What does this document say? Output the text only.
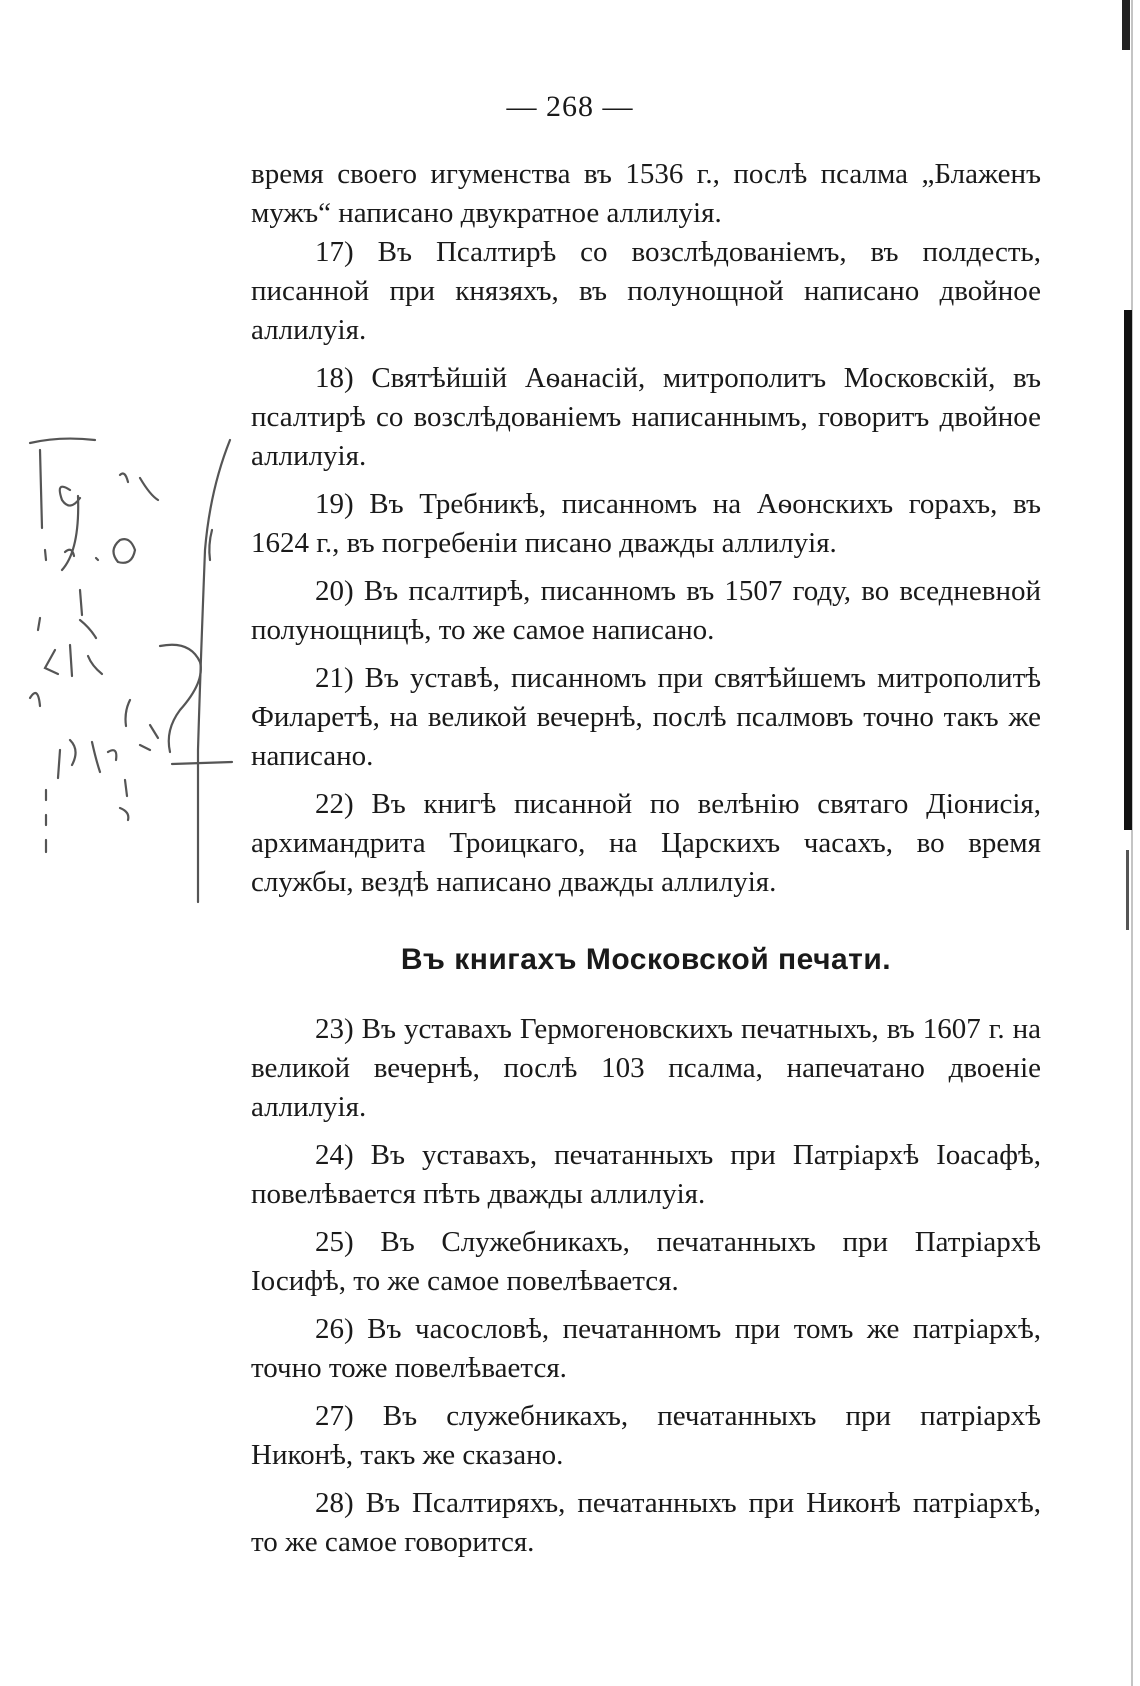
— 268 —

время своего игуменства въ 1536 г., послѣ псалма „Блаженъ мужъ“ написано двукратное аллилуія.

17) Въ Псалтирѣ со возслѣдованіемъ, въ полдесть, писанной при князяхъ, въ полунощной написано двойное аллилуія.

18) Святѣйшій Аѳанасій, митрополитъ Московскій, въ псалтирѣ со возслѣдованіемъ написаннымъ, говоритъ двойное аллилуія.

19) Въ Требникѣ, писанномъ на Аѳонскихъ горахъ, въ 1624 г., въ погребеніи писано дважды аллилуія.

20) Въ псалтирѣ, писанномъ въ 1507 году, во вседневной полунощницѣ, то же самое написано.

21) Въ уставѣ, писанномъ при святѣйшемъ митрополитѣ Филаретѣ, на великой вечернѣ, послѣ псалмовъ точно такъ же написано.

22) Въ книгѣ писанной по велѣнію святаго Діонисія, архимандрита Троицкаго, на Царскихъ часахъ, во время службы, вездѣ написано дважды аллилуія.

Въ книгахъ Московской печати.

23) Въ уставахъ Гермогеновскихъ печатныхъ, въ 1607 г. на великой вечернѣ, послѣ 103 псалма, напечатано двоеніе аллилуія.

24) Въ уставахъ, печатанныхъ при Патріархѣ Іоасафѣ, повелѣвается пѣть дважды аллилуія.

25) Въ Служебникахъ, печатанныхъ при Патріархѣ Іосифѣ, то же самое повелѣвается.

26) Въ часословѣ, печатанномъ при томъ же патріархѣ, точно тоже повелѣвается.

27) Въ служебникахъ, печатанныхъ при патріархѣ Никонѣ, такъ же сказано.

28) Въ Псалтиряхъ, печатанныхъ при Никонѣ патріархѣ, то же самое говорится.
